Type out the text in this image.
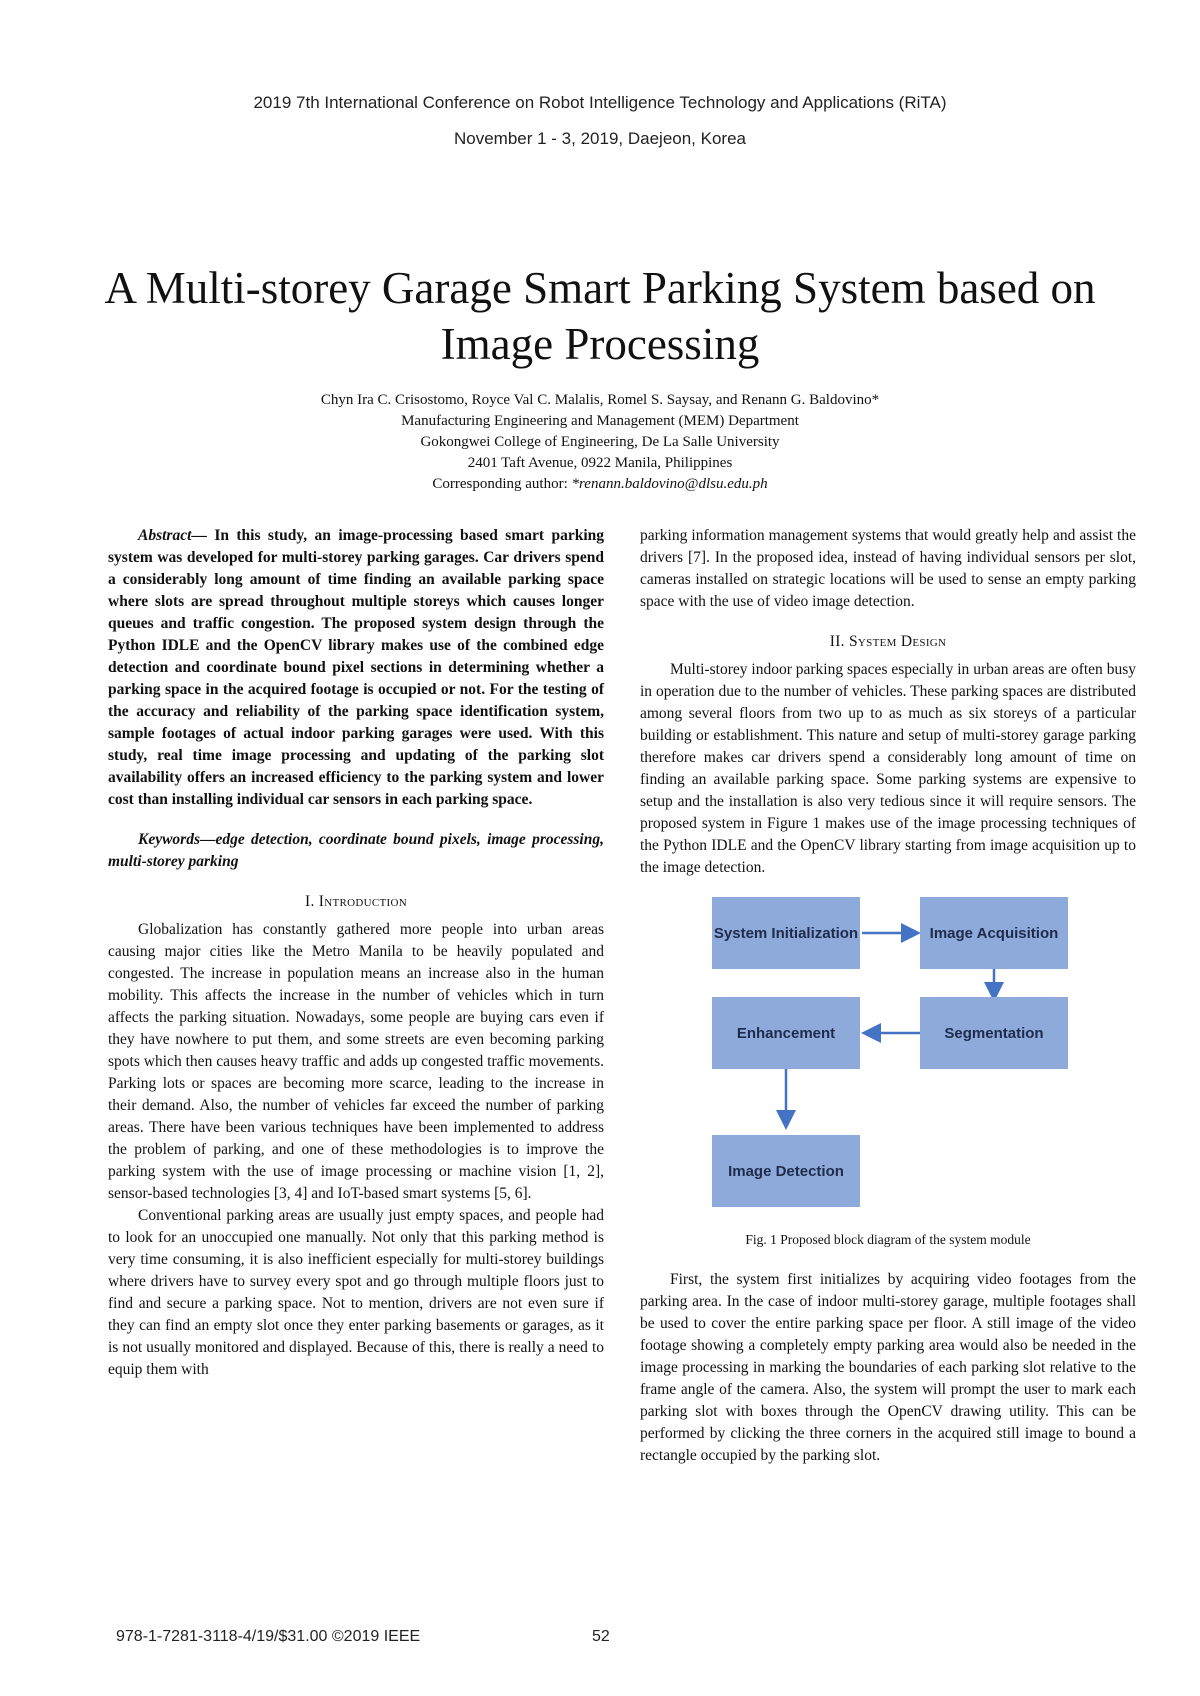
2019 7th International Conference on Robot Intelligence Technology and Applications (RiTA)
November 1 - 3, 2019, Daejeon, Korea
A Multi-storey Garage Smart Parking System based on Image Processing
Chyn Ira C. Crisostomo, Royce Val C. Malalis, Romel S. Saysay, and Renann G. Baldovino*
Manufacturing Engineering and Management (MEM) Department
Gokongwei College of Engineering, De La Salle University
2401 Taft Avenue, 0922 Manila, Philippines
Corresponding author: *renann.baldovino@dlsu.edu.ph

Abstract— In this study, an image-processing based smart parking system was developed for multi-storey parking garages. Car drivers spend a considerably long amount of time finding an available parking space where slots are spread throughout multiple storeys which causes longer queues and traffic congestion. The proposed system design through the Python IDLE and the OpenCV library makes use of the combined edge detection and coordinate bound pixel sections in determining whether a parking space in the acquired footage is occupied or not. For the testing of the accuracy and reliability of the parking space identification system, sample footages of actual indoor parking garages were used. With this study, real time image processing and updating of the parking slot availability offers an increased efficiency to the parking system and lower cost than installing individual car sensors in each parking space.

Keywords—edge detection, coordinate bound pixels, image processing, multi-storey parking

I. Introduction

Globalization has constantly gathered more people into urban areas causing major cities like the Metro Manila to be heavily populated and congested. The increase in population means an increase also in the human mobility. This affects the increase in the number of vehicles which in turn affects the parking situation. Nowadays, some people are buying cars even if they have nowhere to put them, and some streets are even becoming parking spots which then causes heavy traffic and adds up congested traffic movements. Parking lots or spaces are becoming more scarce, leading to the increase in their demand. Also, the number of vehicles far exceed the number of parking areas. There have been various techniques have been implemented to address the problem of parking, and one of these methodologies is to improve the parking system with the use of image processing or machine vision [1, 2], sensor-based technologies [3, 4] and IoT-based smart systems [5, 6].

Conventional parking areas are usually just empty spaces, and people had to look for an unoccupied one manually. Not only that this parking method is very time consuming, it is also inefficient especially for multi-storey buildings where drivers have to survey every spot and go through multiple floors just to find and secure a parking space. Not to mention, drivers are not even sure if they can find an empty slot once they enter parking basements or garages, as it is not usually monitored and displayed. Because of this, there is really a need to equip them with

parking information management systems that would greatly help and assist the drivers [7]. In the proposed idea, instead of having individual sensors per slot, cameras installed on strategic locations will be used to sense an empty parking space with the use of video image detection.

II. System Design

Multi-storey indoor parking spaces especially in urban areas are often busy in operation due to the number of vehicles. These parking spaces are distributed among several floors from two up to as much as six storeys of a particular building or establishment. This nature and setup of multi-storey garage parking therefore makes car drivers spend a considerably long amount of time on finding an available parking space. Some parking systems are expensive to setup and the installation is also very tedious since it will require sensors. The proposed system in Figure 1 makes use of the image processing techniques of the Python IDLE and the OpenCV library starting from image acquisition up to the image detection.

System Initialization	Image Acquisition
Enhancement	Segmentation
Image Detection

Fig. 1 Proposed block diagram of the system module

First, the system first initializes by acquiring video footages from the parking area. In the case of indoor multi-storey garage, multiple footages shall be used to cover the entire parking space per floor. A still image of the video footage showing a completely empty parking area would also be needed in the image processing in marking the boundaries of each parking slot relative to the frame angle of the camera. Also, the system will prompt the user to mark each parking slot with boxes through the OpenCV drawing utility. This can be performed by clicking the three corners in the acquired still image to bound a rectangle occupied by the parking slot.

978-1-7281-3118-4/19/$31.00 ©2019 IEEE	52
